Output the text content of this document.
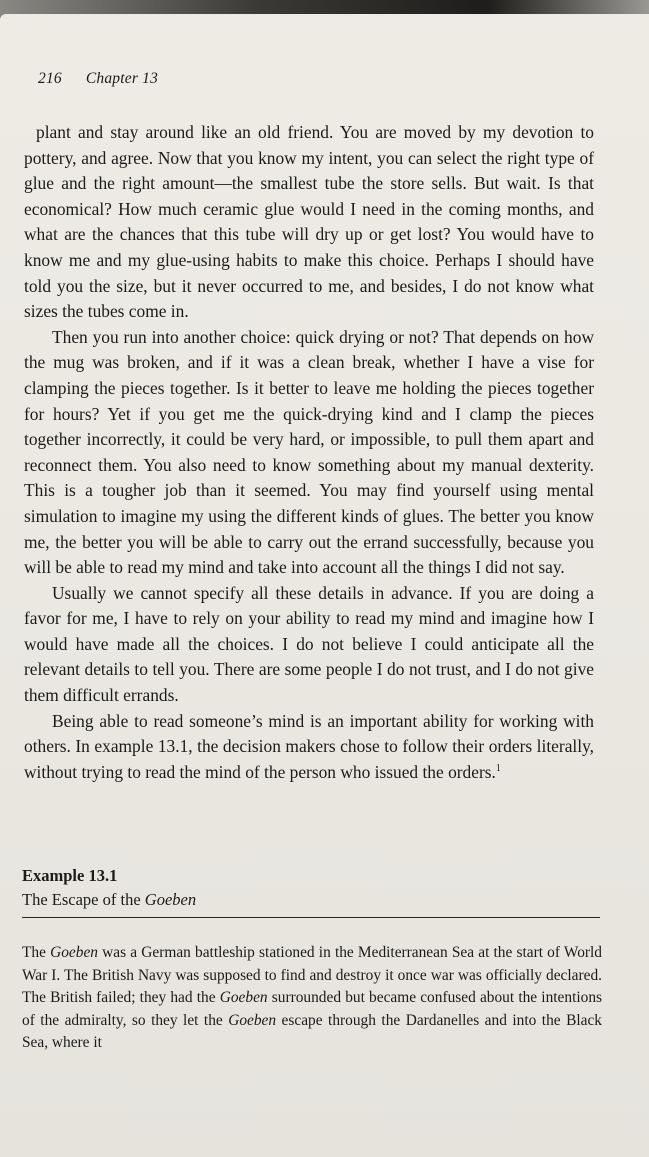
216 Chapter 13

plant and stay around like an old friend. You are moved by my devotion to pottery, and agree. Now that you know my intent, you can select the right type of glue and the right amount—the smallest tube the store sells. But wait. Is that economical? How much ceramic glue would I need in the coming months, and what are the chances that this tube will dry up or get lost? You would have to know me and my glue-using habits to make this choice. Perhaps I should have told you the size, but it never occurred to me, and besides, I do not know what sizes the tubes come in.

Then you run into another choice: quick drying or not? That depends on how the mug was broken, and if it was a clean break, whether I have a vise for clamping the pieces together. Is it better to leave me holding the pieces together for hours? Yet if you get me the quick-drying kind and I clamp the pieces together incorrectly, it could be very hard, or impossible, to pull them apart and reconnect them. You also need to know something about my manual dexterity. This is a tougher job than it seemed. You may find yourself using mental simulation to imagine my using the different kinds of glues. The better you know me, the better you will be able to carry out the errand successfully, because you will be able to read my mind and take into account all the things I did not say.

Usually we cannot specify all these details in advance. If you are doing a favor for me, I have to rely on your ability to read my mind and imagine how I would have made all the choices. I do not believe I could anticipate all the relevant details to tell you. There are some people I do not trust, and I do not give them difficult errands.

Being able to read someone’s mind is an important ability for working with others. In example 13.1, the decision makers chose to follow their orders literally, without trying to read the mind of the person who issued the orders.$^1$

Example 13.1
The Escape of the Goeben

The Goeben was a German battleship stationed in the Mediterranean Sea at the start of World War I. The British Navy was supposed to find and destroy it once war was officially declared. The British failed; they had the Goeben surrounded but became confused about the intentions of the admiralty, so they let the Goeben escape through the Dardanelles and into the Black Sea, where it
